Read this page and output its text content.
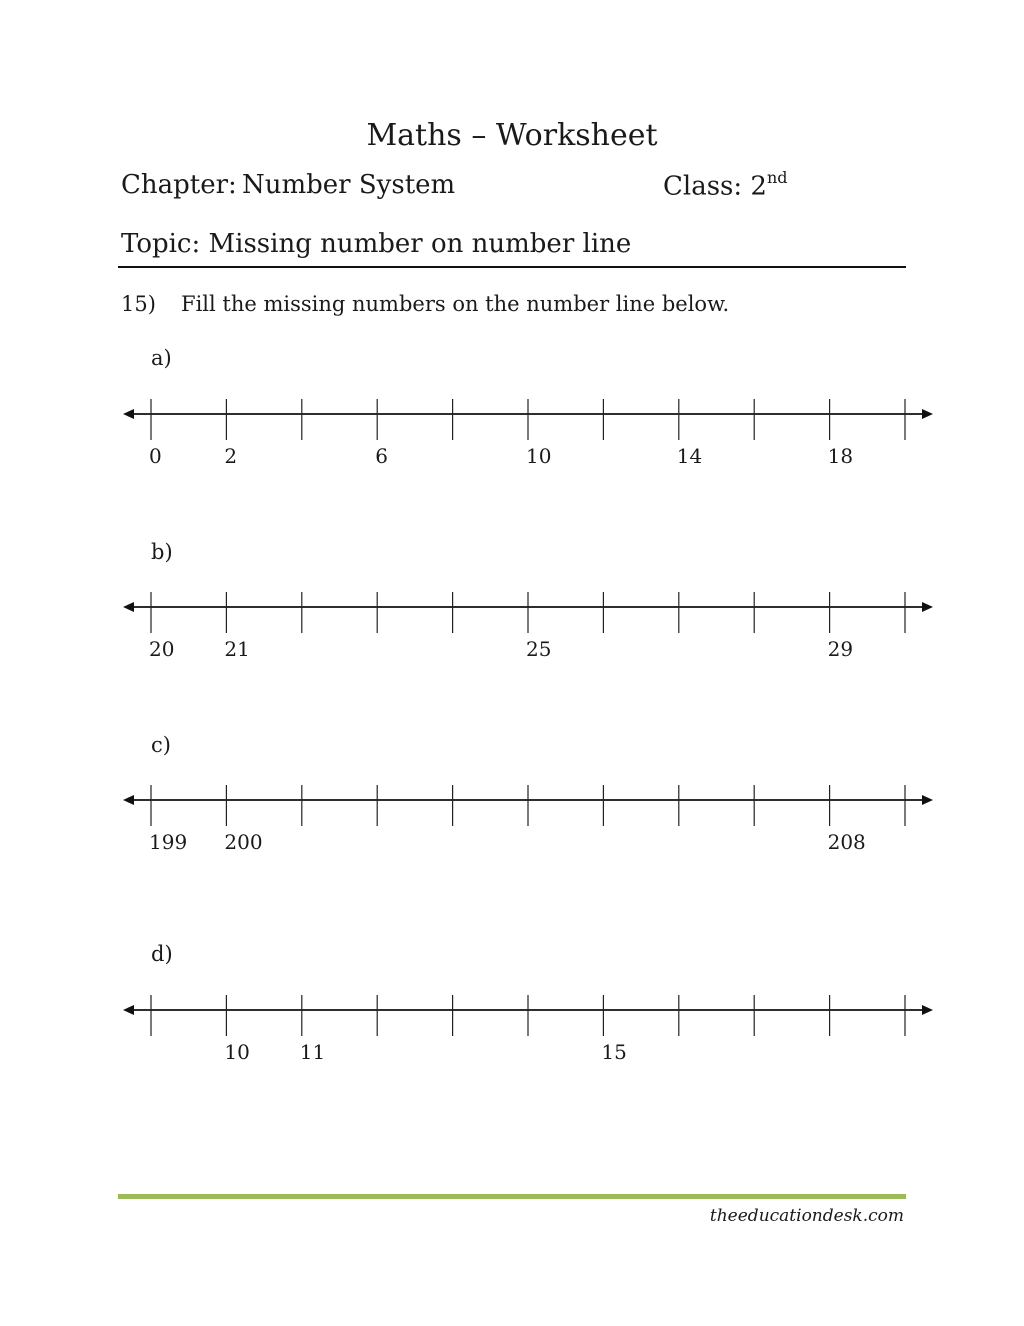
Maths – Worksheet
Chapter: Number System	Class: 2nd
Topic: Missing number on number line
15) Fill the missing numbers on the number line below.
a)
0	2	6	10	14	18
b)
20 21	25	29
c)
199 200	208
d)
10 11	15
theeducationdesk.com
